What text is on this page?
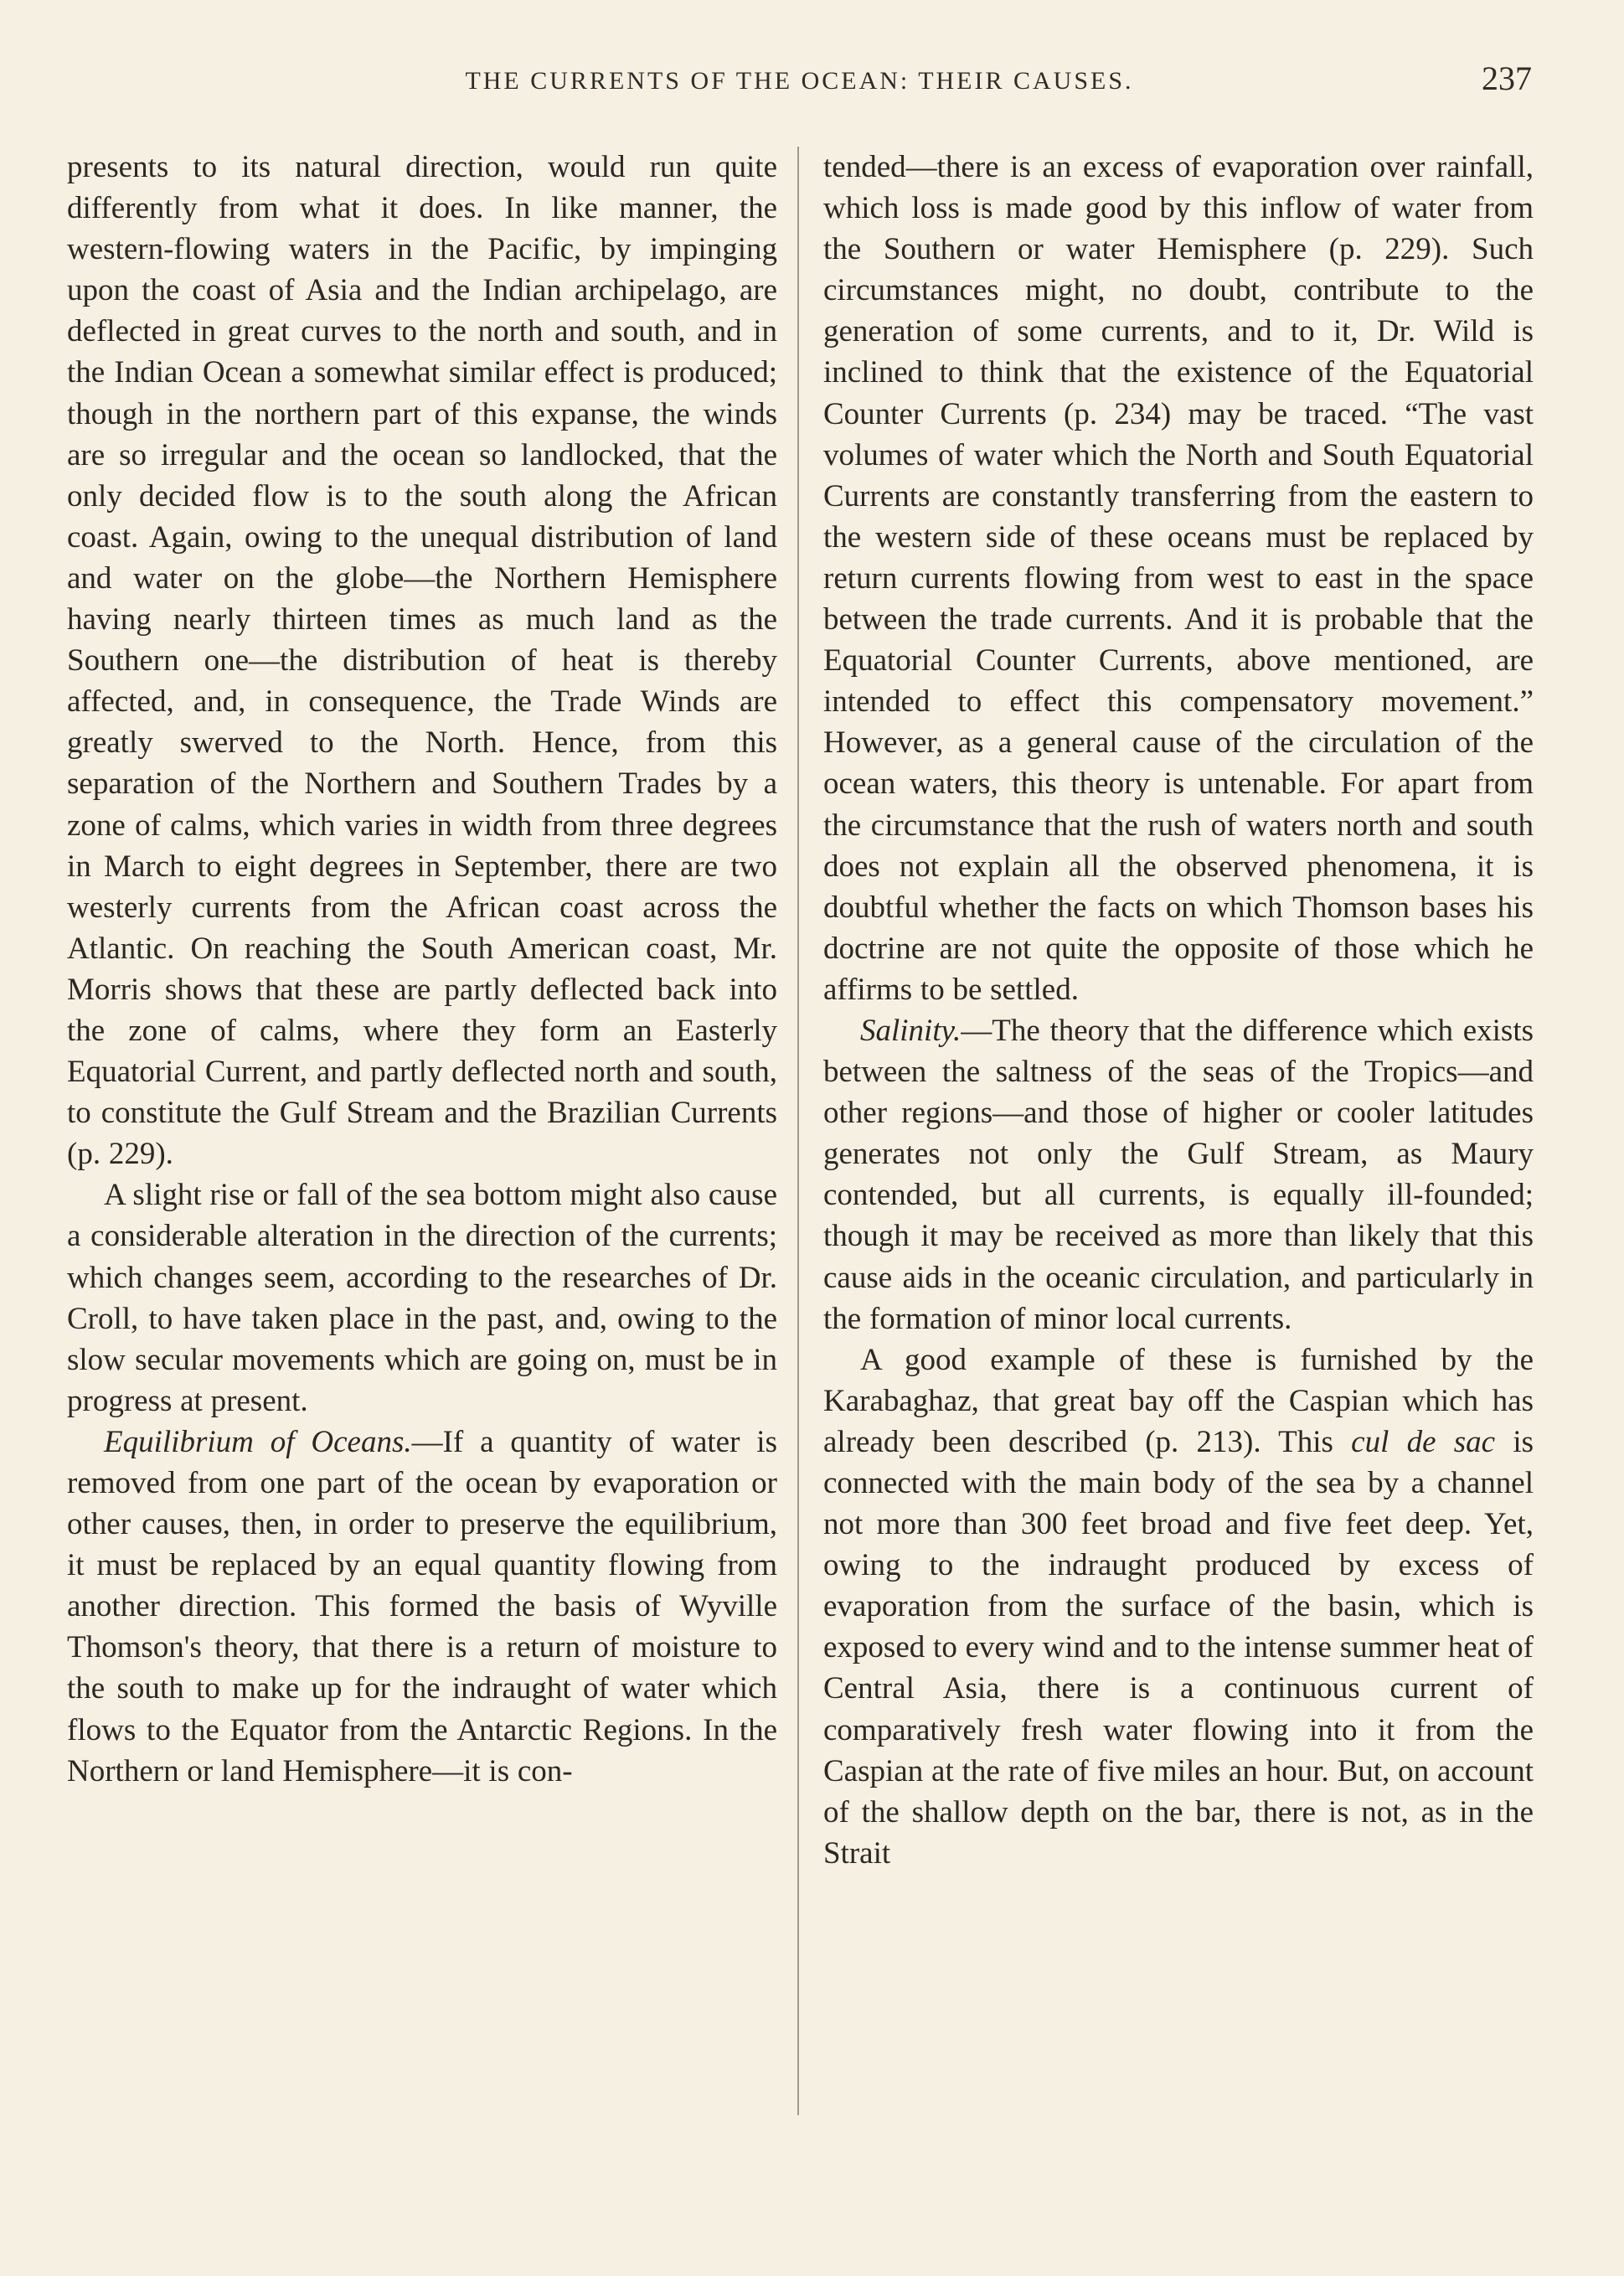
THE CURRENTS OF THE OCEAN: THEIR CAUSES.	237

presents to its natural direction, would run quite differently from what it does. In like manner, the western-flowing waters in the Pacific, by impinging upon the coast of Asia and the Indian archipelago, are deflected in great curves to the north and south, and in the Indian Ocean a somewhat similar effect is produced; though in the northern part of this expanse, the winds are so irregular and the ocean so landlocked, that the only decided flow is to the south along the African coast. Again, owing to the unequal distribution of land and water on the globe—the Northern Hemisphere having nearly thirteen times as much land as the Southern one—the distribution of heat is thereby affected, and, in consequence, the Trade Winds are greatly swerved to the North. Hence, from this separation of the Northern and Southern Trades by a zone of calms, which varies in width from three degrees in March to eight degrees in September, there are two westerly currents from the African coast across the Atlantic. On reaching the South American coast, Mr. Morris shows that these are partly deflected back into the zone of calms, where they form an Easterly Equatorial Current, and partly deflected north and south, to constitute the Gulf Stream and the Brazilian Currents (p. 229).

A slight rise or fall of the sea bottom might also cause a considerable alteration in the direction of the currents; which changes seem, according to the researches of Dr. Croll, to have taken place in the past, and, owing to the slow secular movements which are going on, must be in progress at present.

Equilibrium of Oceans.—If a quantity of water is removed from one part of the ocean by evaporation or other causes, then, in order to preserve the equilibrium, it must be replaced by an equal quantity flowing from another direction. This formed the basis of Wyville Thomson's theory, that there is a return of moisture to the south to make up for the indraught of water which flows to the Equator from the Antarctic Regions. In the Northern or land Hemisphere—it is con-

tended—there is an excess of evaporation over rainfall, which loss is made good by this inflow of water from the Southern or water Hemisphere (p. 229). Such circumstances might, no doubt, contribute to the generation of some currents, and to it, Dr. Wild is inclined to think that the existence of the Equatorial Counter Currents (p. 234) may be traced. “The vast volumes of water which the North and South Equatorial Currents are constantly transferring from the eastern to the western side of these oceans must be replaced by return currents flowing from west to east in the space between the trade currents. And it is probable that the Equatorial Counter Currents, above mentioned, are intended to effect this compensatory movement.” However, as a general cause of the circulation of the ocean waters, this theory is untenable. For apart from the circumstance that the rush of waters north and south does not explain all the observed phenomena, it is doubtful whether the facts on which Thomson bases his doctrine are not quite the opposite of those which he affirms to be settled.

Salinity.—The theory that the difference which exists between the saltness of the seas of the Tropics—and other regions—and those of higher or cooler latitudes generates not only the Gulf Stream, as Maury contended, but all currents, is equally ill-founded; though it may be received as more than likely that this cause aids in the oceanic circulation, and particularly in the formation of minor local currents.

A good example of these is furnished by the Karabaghaz, that great bay off the Caspian which has already been described (p. 213). This cul de sac is connected with the main body of the sea by a channel not more than 300 feet broad and five feet deep. Yet, owing to the indraught produced by excess of evaporation from the surface of the basin, which is exposed to every wind and to the intense summer heat of Central Asia, there is a continuous current of comparatively fresh water flowing into it from the Caspian at the rate of five miles an hour. But, on account of the shallow depth on the bar, there is not, as in the Strait
